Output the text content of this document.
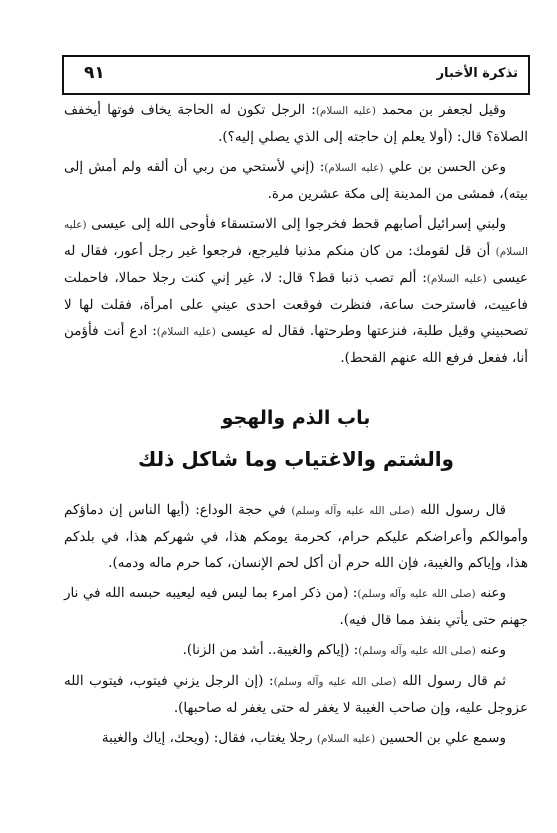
تذكرة الأخبار
٩١

وقيل لجعفر بن محمد (عليه السلام): الرجل تكون له الحاجة يخاف فوتها أيخفف الصلاة؟ قال: (أولا يعلم إن حاجته إلى الذي يصلي إليه؟).

وعن الحسن بن علي (عليه السلام): (إني لأستحي من ربي أن ألقه ولم أمش إلى بيته)، فمشى من المدينة إلى مكة عشرين مرة.

ولبني إسرائيل أصابهم قحط فخرجوا إلى الاستسقاء فأوحى الله إلى عيسى (عليه السلام) أن قل لقومك: من كان منكم مذنبا فليرجع، فرجعوا غير رجل أعور، فقال له عيسى (عليه السلام): ألم تصب ذنبا قط؟ قال: لا، غير إني كنت رجلا حمالا، فاحملت فاعييت، فاسترحت ساعة، فنظرت فوقعت احدى عيني على امرأة، فقلت لها لا تصحبيني وقيل طلبة، فنزعتها وطرحتها. فقال له عيسى (عليه السلام): ادع أنت فأؤمن أنا، ففعل فرفع الله عنهم القحط).

باب الذم والهجو
والشتم والاغتياب وما شاكل ذلك

قال رسول الله (صلى الله عليه وآله وسلم) في حجة الوداع: (أيها الناس إن دماؤكم وأموالكم وأعراضكم عليكم حرام، كحرمة يومكم هذا، في شهركم هذا، في بلدكم هذا، وإياكم والغيبة، فإن الله حرم أن أكل لحم الإنسان، كما حرم ماله ودمه).

وعنه (صلى الله عليه وآله وسلم): (من ذكر امرء بما ليس فيه ليعيبه حبسه الله في نار جهنم حتى يأتي بنفذ مما قال فيه).

وعنه (صلى الله عليه وآله وسلم): (إياكم والغيبة.. أشد من الزنا).

ثم قال رسول الله (صلى الله عليه وآله وسلم): (إن الرجل يزني فيتوب، فيتوب الله عزوجل عليه، وإن صاحب الغيبة لا يغفر له حتى يغفر له صاحبها).

وسمع علي بن الحسين (عليه السلام) رجلا يغتاب، فقال: (ويحك، إياك والغيبة
